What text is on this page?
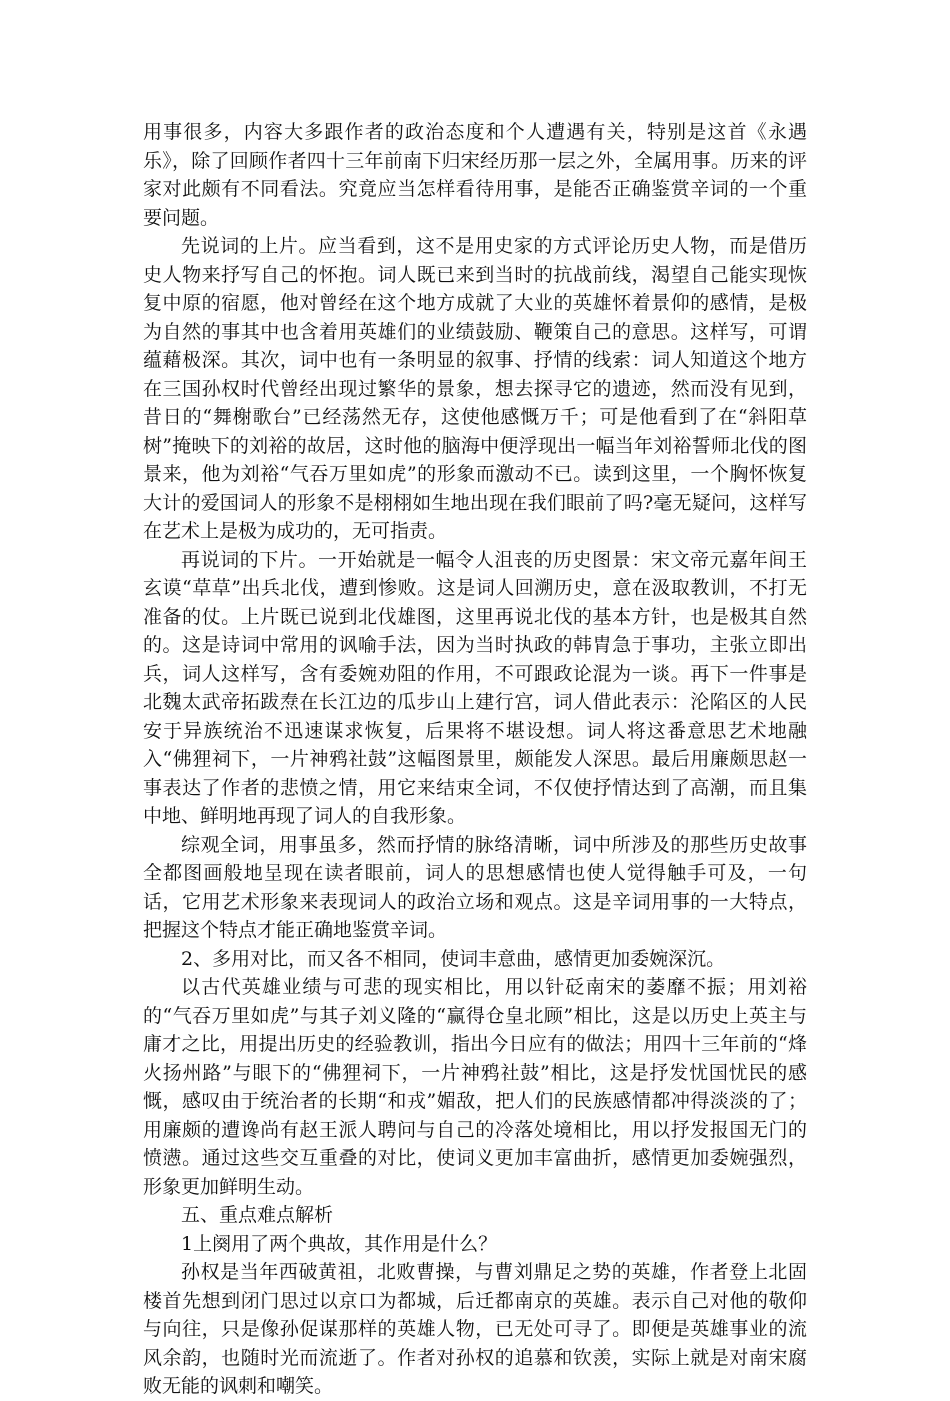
用事很多，内容大多跟作者的政治态度和个人遭遇有关，特别是这首《永遇乐》，除了回顾作者四十三年前南下归宋经历那一层之外，全属用事。历来的评家对此颇有不同看法。究竟应当怎样看待用事，是能否正确鉴赏辛词的一个重要问题。

先说词的上片。应当看到，这不是用史家的方式评论历史人物，而是借历史人物来抒写自己的怀抱。词人既已来到当时的抗战前线，渴望自己能实现恢复中原的宿愿，他对曾经在这个地方成就了大业的英雄怀着景仰的感情，是极为自然的事其中也含着用英雄们的业绩鼓励、鞭策自己的意思。这样写，可谓蕴藉极深。其次，词中也有一条明显的叙事、抒情的线索：词人知道这个地方在三国孙权时代曾经出现过繁华的景象，想去探寻它的遗迹，然而没有见到，昔日的“舞榭歌台”已经荡然无存，这使他感慨万千；可是他看到了在“斜阳草树”掩映下的刘裕的故居，这时他的脑海中便浮现出一幅当年刘裕誓师北伐的图景来，他为刘裕“气吞万里如虎”的形象而激动不已。读到这里，一个胸怀恢复大计的爱国词人的形象不是栩栩如生地出现在我们眼前了吗?毫无疑问，这样写在艺术上是极为成功的，无可指责。

再说词的下片。一开始就是一幅令人沮丧的历史图景：宋文帝元嘉年间王玄谟“草草”出兵北伐，遭到惨败。这是词人回溯历史，意在汲取教训，不打无准备的仗。上片既已说到北伐雄图，这里再说北伐的基本方针，也是极其自然的。这是诗词中常用的讽喻手法，因为当时执政的韩胄急于事功，主张立即出兵，词人这样写，含有委婉劝阻的作用，不可跟政论混为一谈。再下一件事是北魏太武帝拓跋焘在长江边的瓜步山上建行宫，词人借此表示：沦陷区的人民安于异族统治不迅速谋求恢复，后果将不堪设想。词人将这番意思艺术地融入“佛狸祠下，一片神鸦社鼓”这幅图景里，颇能发人深思。最后用廉颇思赵一事表达了作者的悲愤之情，用它来结束全词，不仅使抒情达到了高潮，而且集中地、鲜明地再现了词人的自我形象。

综观全词，用事虽多，然而抒情的脉络清晰，词中所涉及的那些历史故事全都图画般地呈现在读者眼前，词人的思想感情也使人觉得触手可及，一句话，它用艺术形象来表现词人的政治立场和观点。这是辛词用事的一大特点，把握这个特点才能正确地鉴赏辛词。

2、多用对比，而又各不相同，使词丰意曲，感情更加委婉深沉。

以古代英雄业绩与可悲的现实相比，用以针砭南宋的萎靡不振；用刘裕的“气吞万里如虎”与其子刘义隆的“赢得仓皇北顾”相比，这是以历史上英主与庸才之比，用提出历史的经验教训，指出今日应有的做法；用四十三年前的“烽火扬州路”与眼下的“佛狸祠下，一片神鸦社鼓”相比，这是抒发忧国忧民的感慨，感叹由于统治者的长期“和戎”媚敌，把人们的民族感情都冲得淡淡的了；用廉颇的遭谗尚有赵王派人聘问与自己的冷落处境相比，用以抒发报国无门的愤懑。通过这些交互重叠的对比，使词义更加丰富曲折，感情更加委婉强烈，形象更加鲜明生动。

五、重点难点解析

1上阕用了两个典故，其作用是什么？

孙权是当年西破黄祖，北败曹操，与曹刘鼎足之势的英雄，作者登上北固楼首先想到闭门思过以京口为都城，后迁都南京的英雄。表示自己对他的敬仰与向往，只是像孙促谋那样的英雄人物，已无处可寻了。即便是英雄事业的流风余韵，也随时光而流逝了。作者对孙权的追慕和钦羡，实际上就是对南宋腐败无能的讽刺和嘲笑。
